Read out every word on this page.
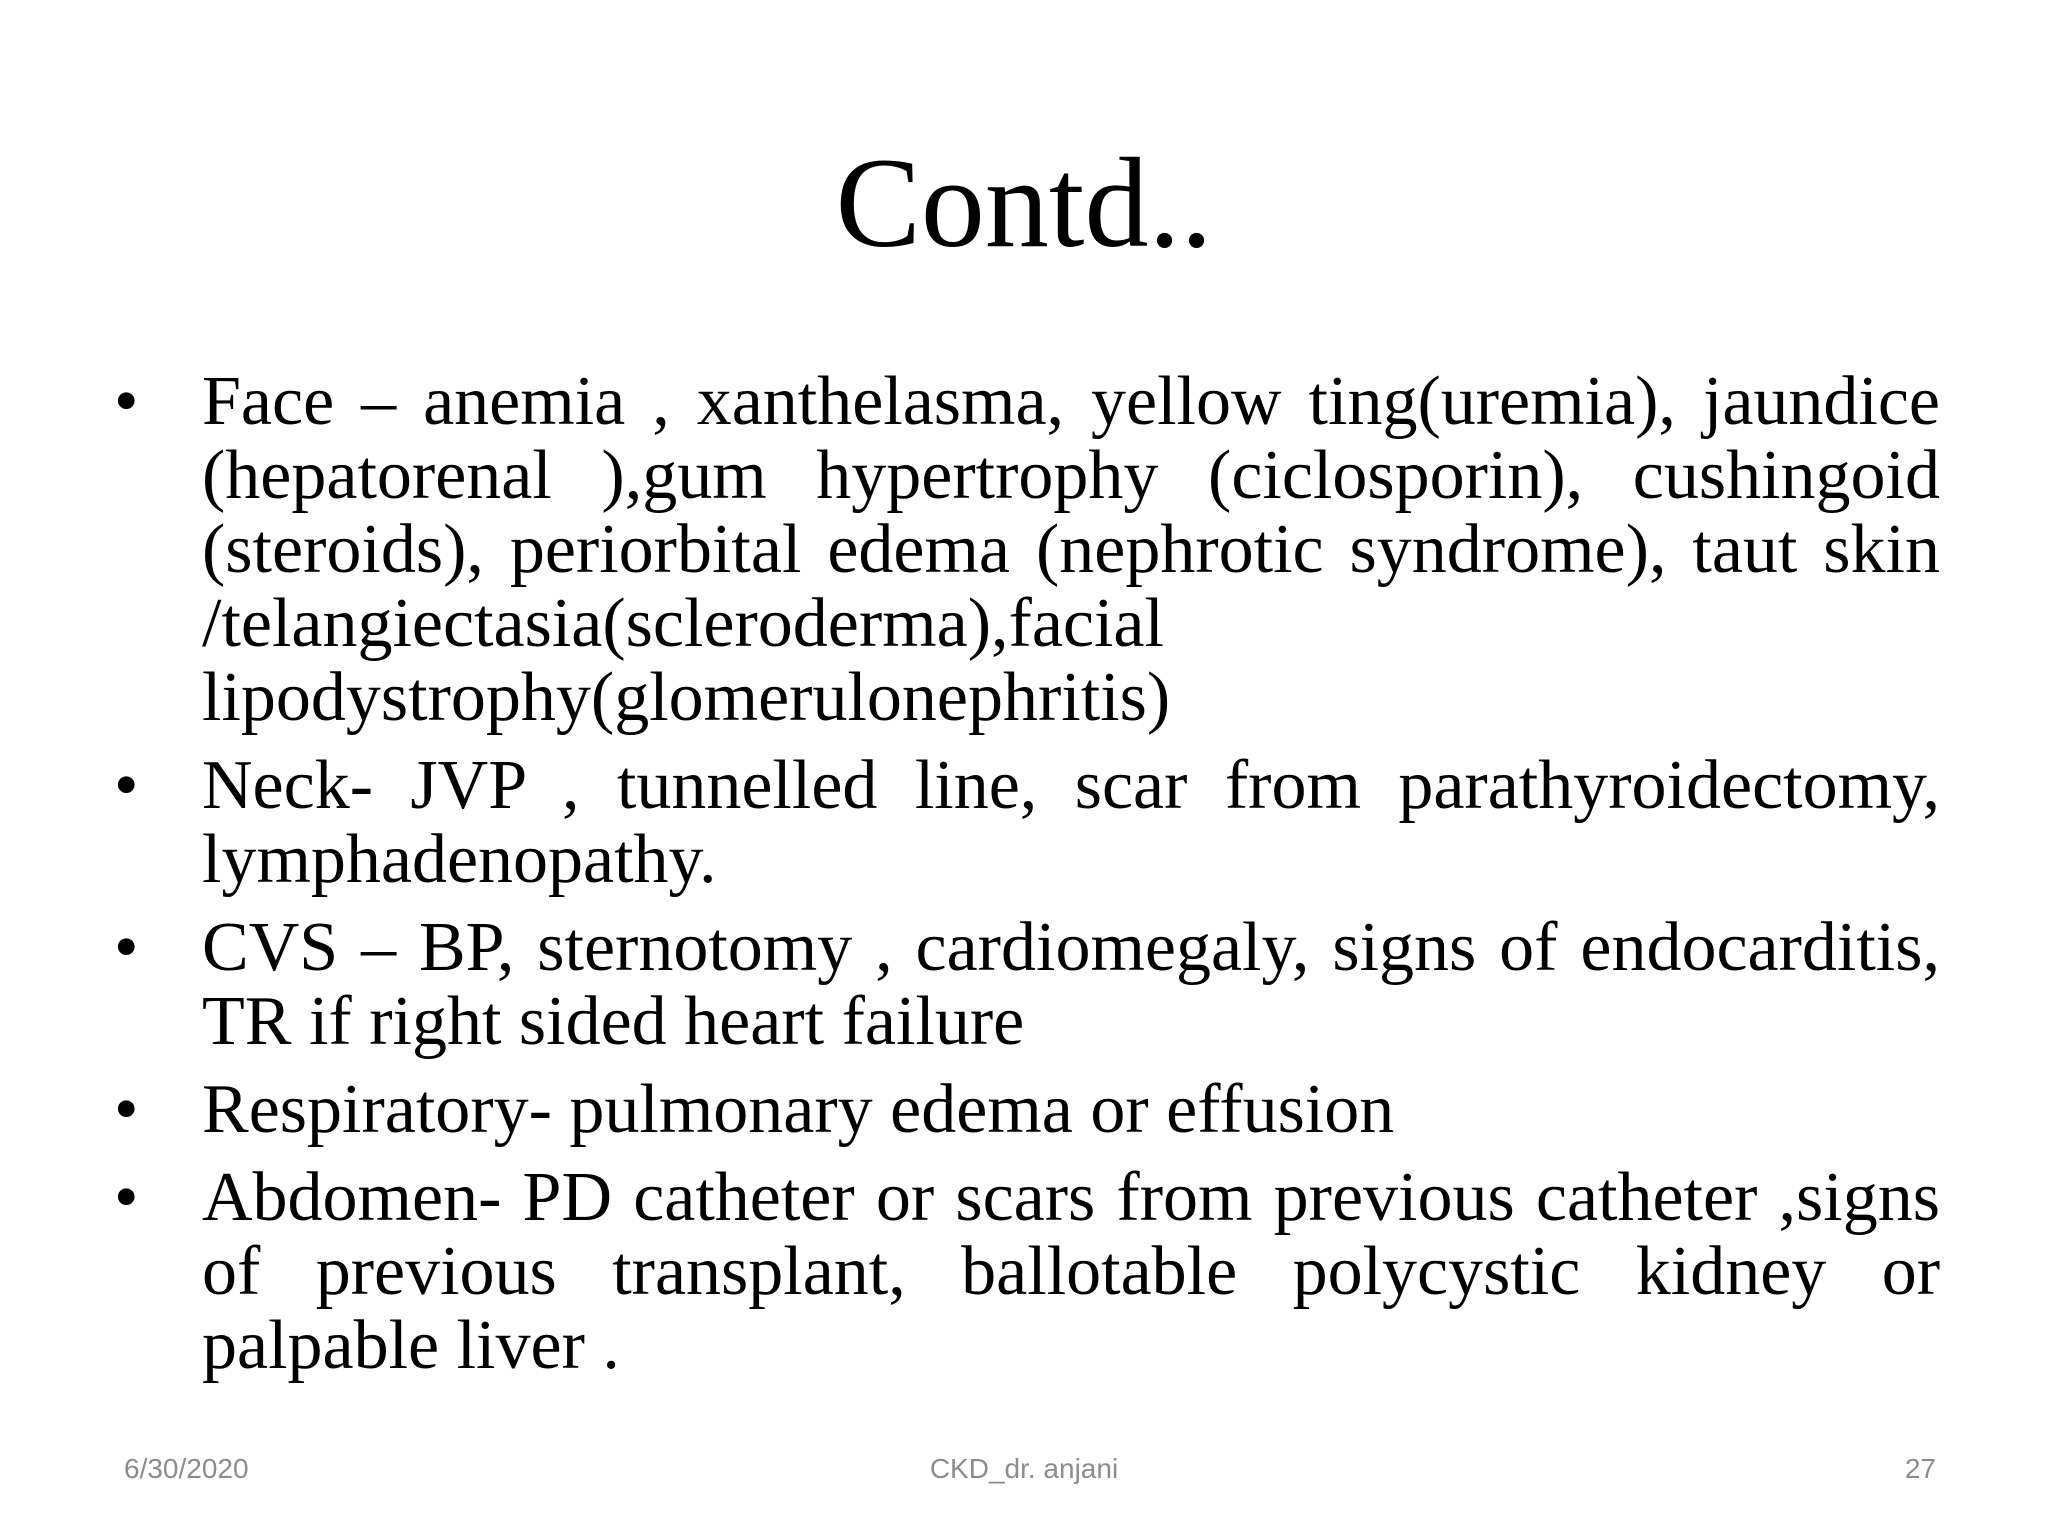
Contd..
• Face – anemia , xanthelasma, yellow ting(uremia), jaundice (hepatorenal ),gum hypertrophy (ciclosporin), cushingoid (steroids), periorbital edema (nephrotic syndrome), taut skin /telangiectasia(scleroderma),facial lipodystrophy(glomerulonephritis)
• Neck- JVP , tunnelled line, scar from parathyroidectomy, lymphadenopathy.
• CVS – BP, sternotomy , cardiomegaly, signs of endocarditis, TR if right sided heart failure
• Respiratory- pulmonary edema or effusion
• Abdomen- PD catheter or scars from previous catheter ,signs of previous transplant, ballotable polycystic kidney or palpable liver .
6/30/2020	CKD_dr. anjani	27
